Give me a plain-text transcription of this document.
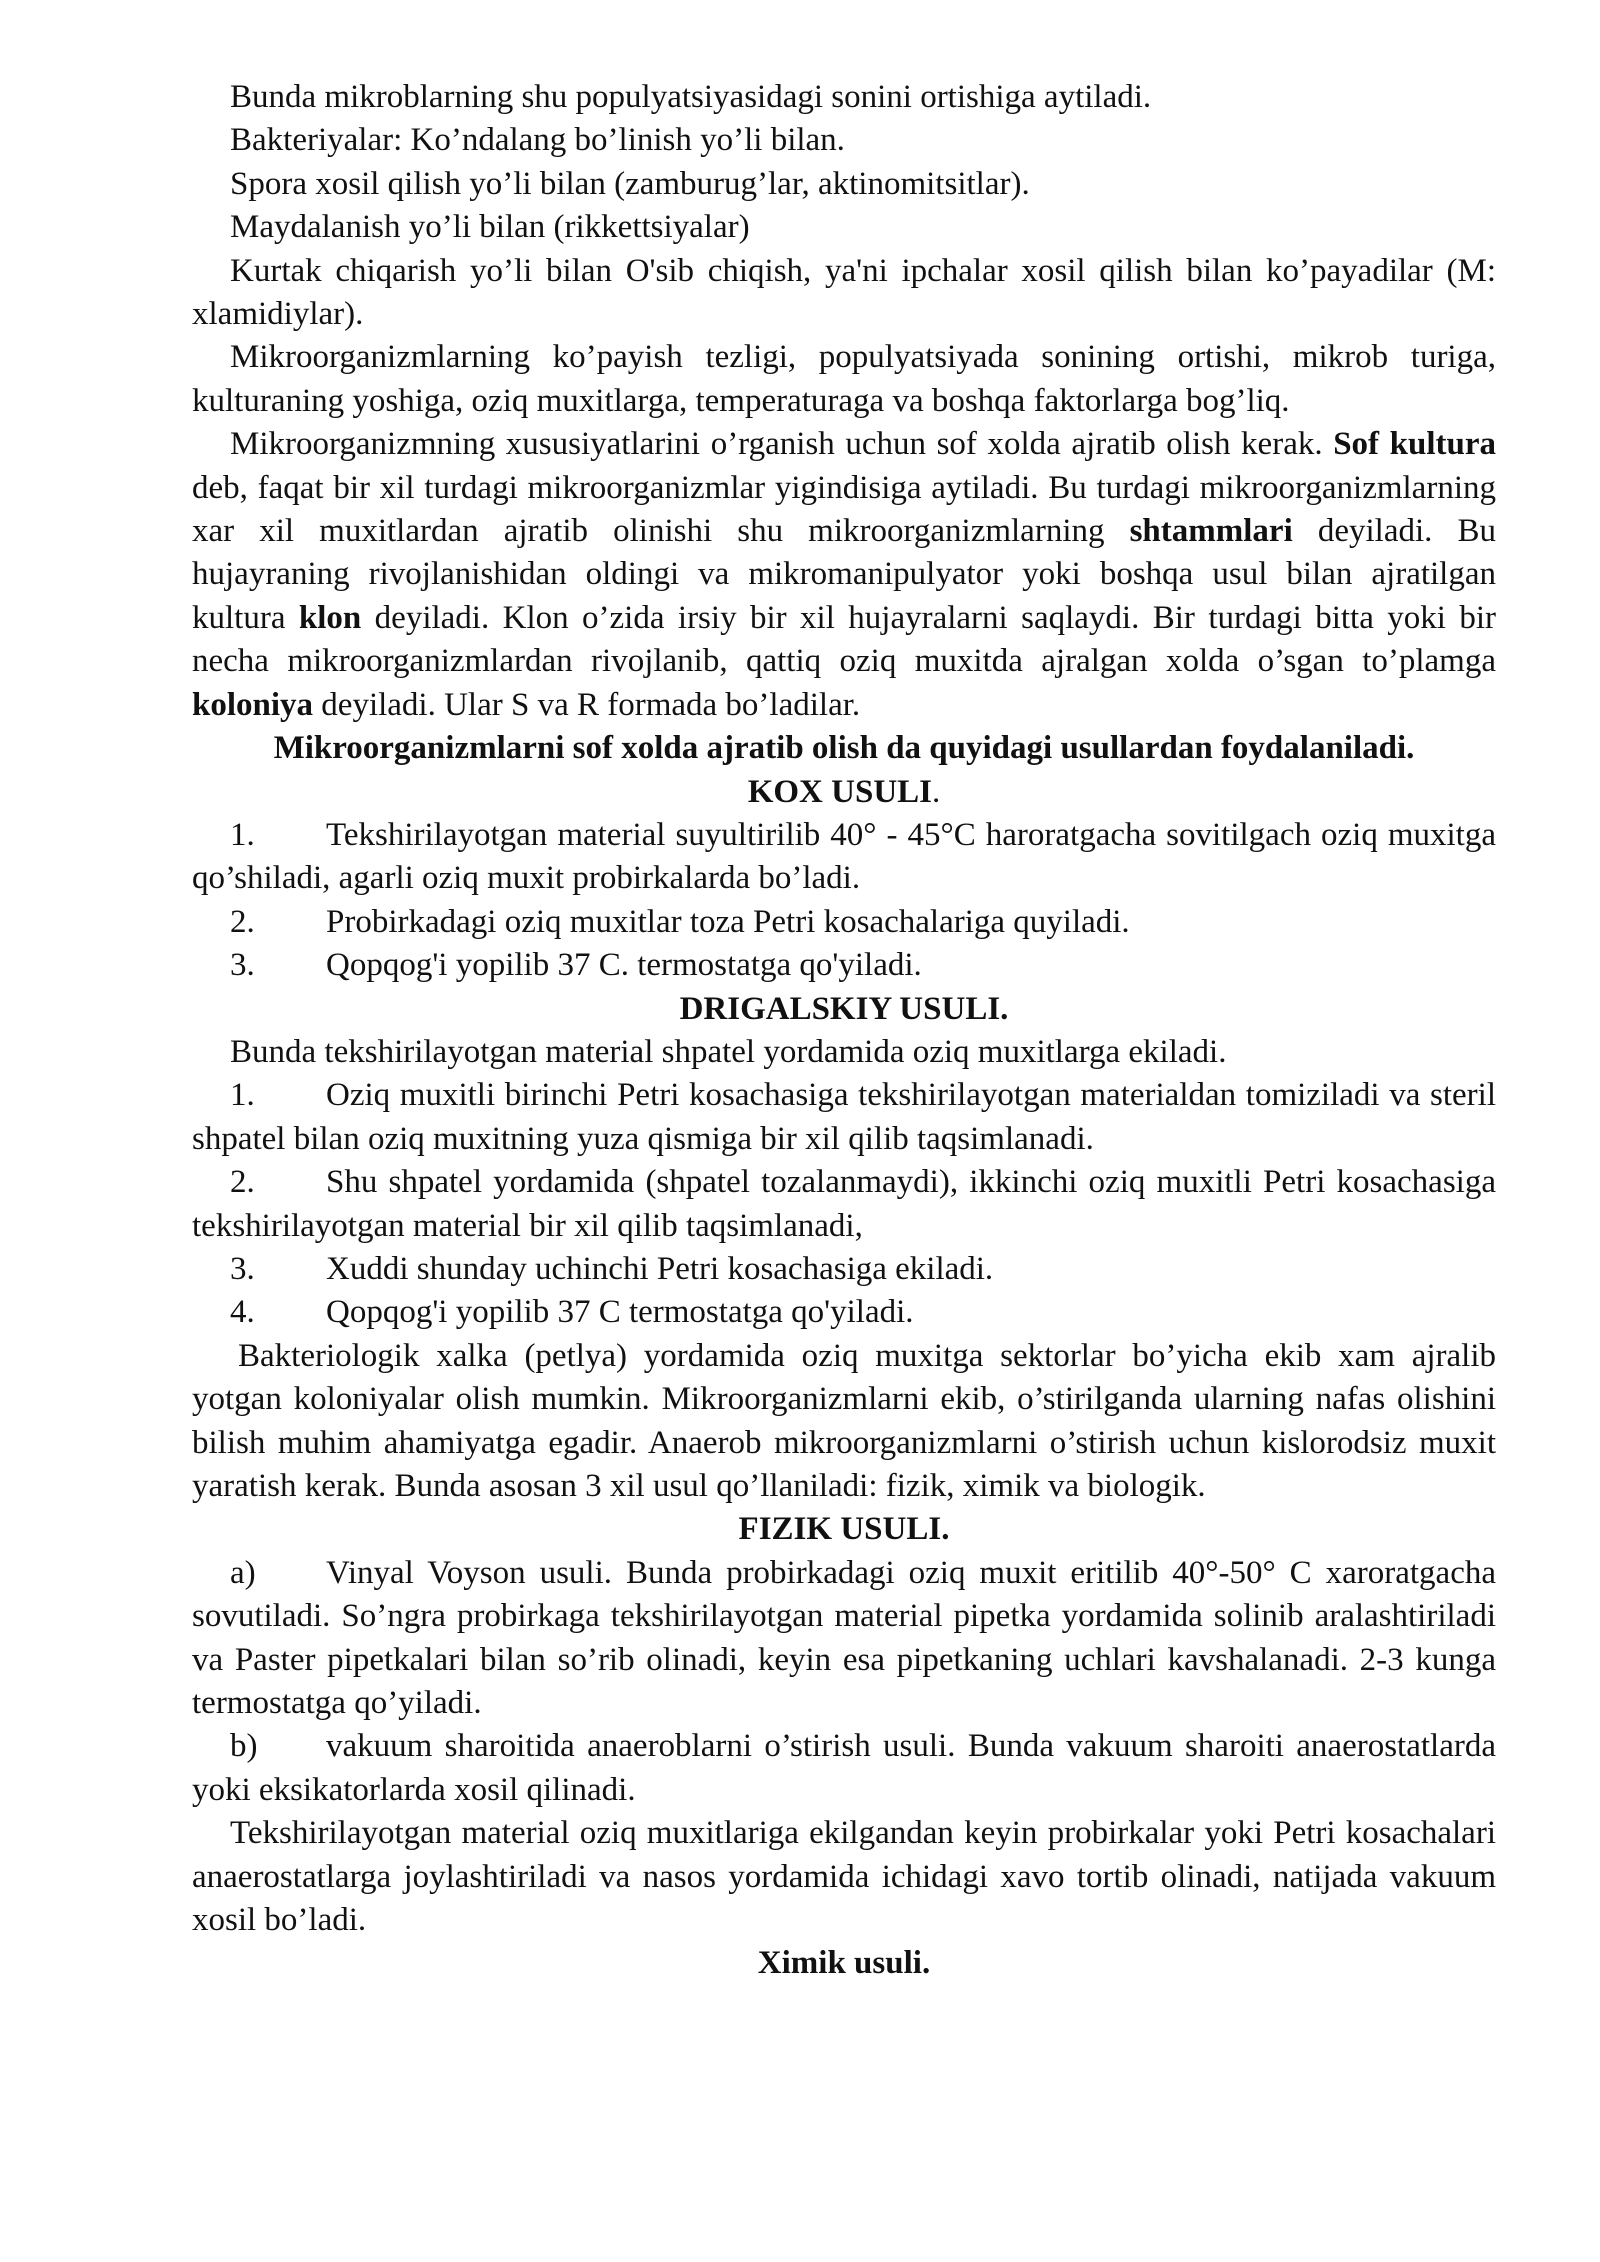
Bunda mikroblarning shu populyatsiyasidagi sonini ortishiga aytiladi.

Bakteriyalar: Ko’ndalang bo’linish yo’li bilan.

Spora xosil qilish yo’li bilan (zamburug’lar, aktinomitsitlar).

Maydalanish yo’li bilan (rikkettsiyalar)

Kurtak chiqarish yo’li bilan O'sib chiqish, ya'ni ipchalar xosil qilish bilan ko’payadilar (M: xlamidiylar).

Mikroorganizmlarning ko’payish tezligi, populyatsiyada sonining ortishi, mikrob turiga, kulturaning yoshiga, oziq muxitlarga, temperaturaga va boshqa faktorlarga bog’liq.

Mikroorganizmning xususiyatlarini o’rganish uchun sof xolda ajratib olish kerak. Sof kultura deb, faqat bir xil turdagi mikroorganizmlar yigindisiga aytiladi. Bu turdagi mikroorganizmlarning xar xil muxitlardan ajratib olinishi shu mikroorganizmlarning shtammlari deyiladi. Bu hujayraning rivojlanishidan oldingi va mikromanipulyator yoki boshqa usul bilan ajratilgan kultura klon deyiladi. Klon o’zida irsiy bir xil hujayralarni saqlaydi. Bir turdagi bitta yoki bir necha mikroorganizmlardan rivojlanib, qattiq oziq muxitda ajralgan xolda o’sgan to’plamga koloniya deyiladi. Ular S va R formada bo’ladilar.

Mikroorganizmlarni sof xolda ajratib olish da quyidagi usullardan foydalaniladi.

KOX USULI.

1. Tekshirilayotgan material suyultirilib 40° - 45°C haroratgacha sovitilgach oziq muxitga qo’shiladi, agarli oziq muxit probirkalarda bo’ladi.

2. Probirkadagi oziq muxitlar toza Petri kosachalariga quyiladi.

3. Qopqog'i yopilib 37 C. termostatga qo'yiladi.

DRIGALSKIY USULI.

Bunda tekshirilayotgan material shpatel yordamida oziq muxitlarga ekiladi.

1. Oziq muxitli birinchi Petri kosachasiga tekshirilayotgan materialdan tomiziladi va steril shpatel bilan oziq muxitning yuza qismiga bir xil qilib taqsimlanadi.

2. Shu shpatel yordamida (shpatel tozalanmaydi), ikkinchi oziq muxitli Petri kosachasiga tekshirilayotgan material bir xil qilib taqsimlanadi,

3. Xuddi shunday uchinchi Petri kosachasiga ekiladi.

4. Qopqog'i yopilib 37 C termostatga qo'yiladi.

Bakteriologik xalka (petlya) yordamida oziq muxitga sektorlar bo’yicha ekib xam ajralib yotgan koloniyalar olish mumkin. Mikroorganizmlarni ekib, o’stirilganda ularning nafas olishini bilish muhim ahamiyatga egadir. Anaerob mikroorganizmlarni o’stirish uchun kislorodsiz muxit yaratish kerak. Bunda asosan 3 xil usul qo’llaniladi: fizik, ximik va biologik.

FIZIK USULI.

a) Vinyal Voyson usuli. Bunda probirkadagi oziq muxit eritilib 40°-50° C xaroratgacha sovutiladi. So’ngra probirkaga tekshirilayotgan material pipetka yordamida solinib aralashtiriladi va Paster pipetkalari bilan so’rib olinadi, keyin esa pipetkaning uchlari kavshalanadi. 2-3 kunga termostatga qo’yiladi.

b) vakuum sharoitida anaeroblarni o’stirish usuli. Bunda vakuum sharoiti anaerostatlarda yoki eksikatorlarda xosil qilinadi.

Tekshirilayotgan material oziq muxitlariga ekilgandan keyin probirkalar yoki Petri kosachalari anaerostatlarga joylashtiriladi va nasos yordamida ichidagi xavo tortib olinadi, natijada vakuum xosil bo’ladi.

Ximik usuli.
